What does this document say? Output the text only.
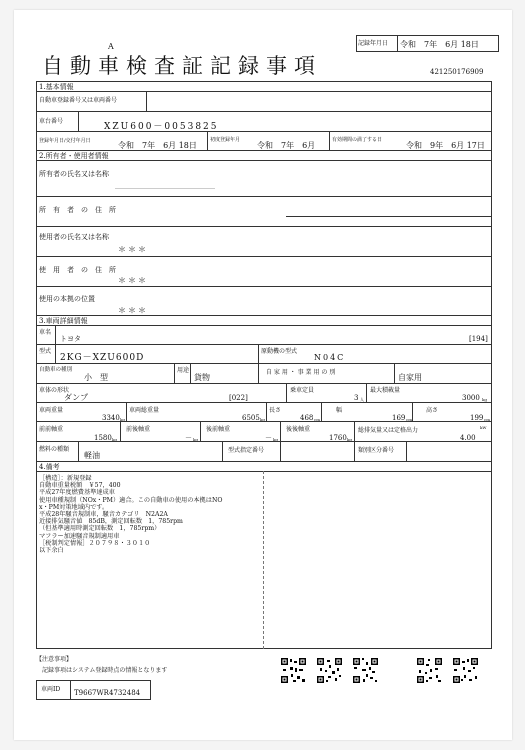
A
自動車検査証記録事項
記録年月日 令和　7年　6月 18日
421250176909
1.基本情報
自動車登録番号又は車両番号
車台番号
XZU600－0053825
登録年月日/交付年月日	令和　7年　6月 18日
初度登録年月
令和　7年　6月
有効期間の満了する日
令和　9年　6月 17日
2.所有者・使用者情報
所有者の氏名又は名称
所　有　者　の　住　所
使用者の氏名又は名称
＊＊＊
使　用　者　の　住　所
＊＊＊
使用の本拠の位置
＊＊＊
3.車両詳細情報
車名
トヨタ	[194]
型式
2KG－XZU600D
原動機の型式
N04C
自動車の種別
小　型
用途
貨物
自 家 用 ・ 事 業 用 の 別
自家用
車体の形状
ダンプ	[022]
乗車定員
3 人
最大積載量
3000 kg
車両重量
3340 kg
車両総重量
6505 kg
長さ
468 cm
幅
169 cm
高さ
199 cm
前前軸重
1580 kg
前後軸重
－ kg
後前軸重
－ kg
後後軸重
1760 kg
総排気量又は定格出力
4.00
kW
燃料の種類
軽油
型式指定番号	類別区分番号
4.備考
［構造］：新規登録
自動車重量税額　￥57，400
平成27年度燃費基準達成車
使用車種規制（NOx・PM）適合。この自動車の使用の本拠はNO
x・PM対策地域内です。
平成28年騒音規制車，騒音カテゴリ　N2A2A
近接排気騒音値　85dB，測定回転数　1，785rpm
（但基準適用時測定回転数　1，785rpm）
マフラー加速騒音規制適用車
［税制判定情報］２０７９８・３０１０
以下余白
【注意事項】
記録事項はシステム登録時点の情報となります
車両ID T9667WR4732484
